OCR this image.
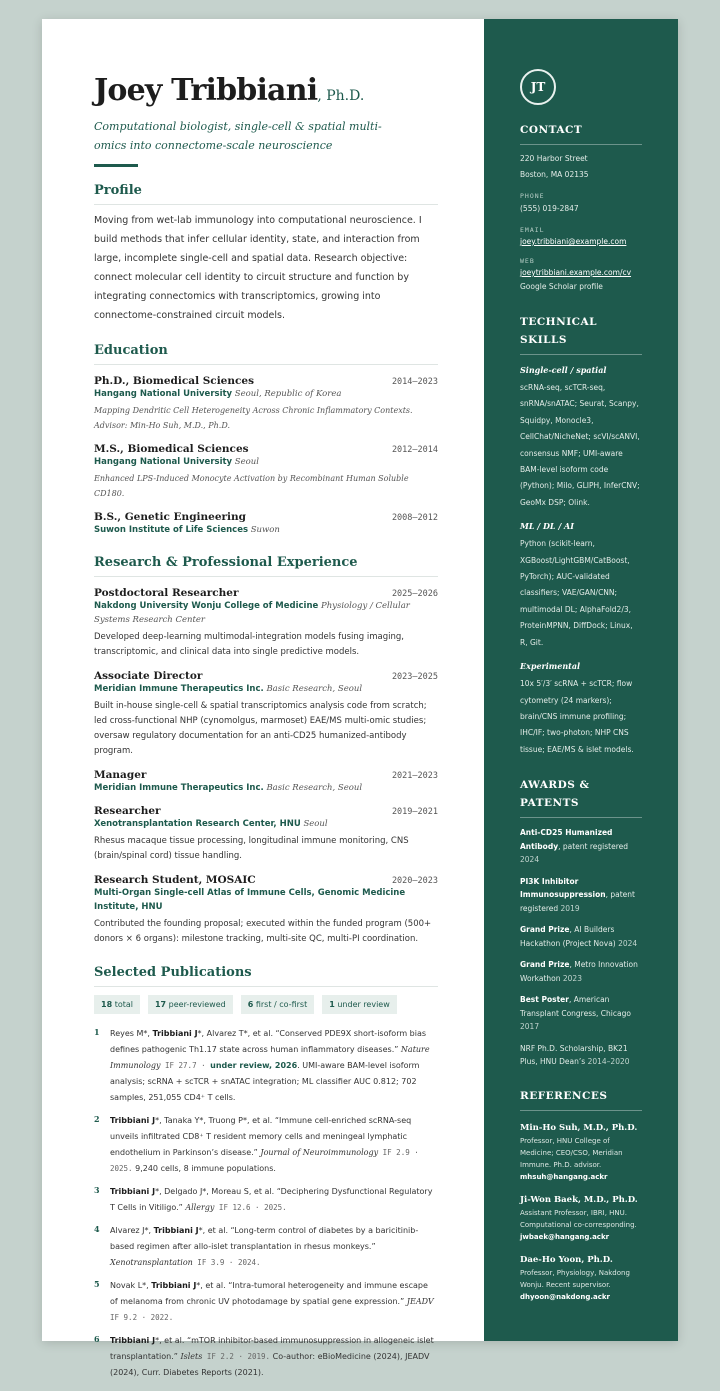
Joey Tribbiani, Ph.D.
Computational biologist, single-cell & spatial multi-omics into connectome-scale neuroscience
Profile
Moving from wet-lab immunology into computational neuroscience. I build methods that infer cellular identity, state, and interaction from large, incomplete single-cell and spatial data. Research objective: connect molecular cell identity to circuit structure and function by integrating connectomics with transcriptomics, growing into connectome-constrained circuit models.
Education
Ph.D., Biomedical Sciences	2014–2023
Hangang National University Seoul, Republic of Korea
Mapping Dendritic Cell Heterogeneity Across Chronic Inflammatory Contexts. Advisor: Min-Ho Suh, M.D., Ph.D.
M.S., Biomedical Sciences	2012–2014
Hangang National University Seoul
Enhanced LPS-Induced Monocyte Activation by Recombinant Human Soluble CD180.
B.S., Genetic Engineering	2008–2012
Suwon Institute of Life Sciences Suwon
Research & Professional Experience
Postdoctoral Researcher	2025–2026
Nakdong University Wonju College of Medicine Physiology / Cellular Systems Research Center
Developed deep-learning multimodal-integration models fusing imaging, transcriptomic, and clinical data into single predictive models.
Associate Director	2023–2025
Meridian Immune Therapeutics Inc. Basic Research, Seoul
Built in-house single-cell & spatial transcriptomics analysis code from scratch; led cross-functional NHP (cynomolgus, marmoset) EAE/MS multi-omic studies; oversaw regulatory documentation for an anti-CD25 humanized-antibody program.
Manager	2021–2023
Meridian Immune Therapeutics Inc. Basic Research, Seoul
Researcher	2019–2021
Xenotransplantation Research Center, HNU Seoul
Rhesus macaque tissue processing, longitudinal immune monitoring, CNS (brain/spinal cord) tissue handling.
Research Student, MOSAIC	2020–2023
Multi-Organ Single-cell Atlas of Immune Cells, Genomic Medicine Institute, HNU
Contributed the founding proposal; executed within the funded program (500+ donors × 6 organs): milestone tracking, multi-site QC, multi-PI coordination.
Selected Publications
18 total	17 peer-reviewed	6 first / co-first	1 under review
1	Reyes M*, Tribbiani J*, Alvarez T*, et al. “Conserved PDE9X short-isoform bias defines pathogenic Th1.17 state across human inflammatory diseases.” Nature Immunology IF 27.7 · under review, 2026. UMI-aware BAM-level isoform analysis; scRNA + scTCR + snATAC integration; ML classifier AUC 0.812; 702 samples, 251,055 CD4⁺ T cells.
2	Tribbiani J*, Tanaka Y*, Truong P*, et al. “Immune cell-enriched scRNA-seq unveils infiltrated CD8⁺ T resident memory cells and meningeal lymphatic endothelium in Parkinson’s disease.” Journal of Neuroimmunology IF 2.9 · 2025. 9,240 cells, 8 immune populations.
3	Tribbiani J*, Delgado J*, Moreau S, et al. “Deciphering Dysfunctional Regulatory T Cells in Vitiligo.” Allergy IF 12.6 · 2025.
4	Alvarez J*, Tribbiani J*, et al. “Long-term control of diabetes by a baricitinib-based regimen after allo-islet transplantation in rhesus monkeys.” Xenotransplantation IF 3.9 · 2024.
5	Novak L*, Tribbiani J*, et al. “Intra-tumoral heterogeneity and immune escape of melanoma from chronic UV photodamage by spatial gene expression.” JEADV IF 9.2 · 2022.
6	Tribbiani J*, et al. “mTOR inhibitor-based immunosuppression in allogeneic islet transplantation.” Islets IF 2.2 · 2019. Co-author: eBioMedicine (2024), JEADV (2024), Curr. Diabetes Reports (2021).
JT
CONTACT
220 Harbor Street
Boston, MA 02135
PHONE
(555) 019-2847
EMAIL
joey.tribbiani@example.com
WEB
joeytribbiani.example.com/cv
Google Scholar profile
TECHNICAL SKILLS
Single-cell / spatial
scRNA-seq, scTCR-seq, snRNA/snATAC; Seurat, Scanpy, Squidpy, Monocle3, CellChat/NicheNet; scVI/scANVI, consensus NMF; UMI-aware BAM-level isoform code (Python); Milo, GLIPH, InferCNV; GeoMx DSP; Olink.
ML / DL / AI
Python (scikit-learn, XGBoost/LightGBM/CatBoost, PyTorch); AUC-validated classifiers; VAE/GAN/CNN; multimodal DL; AlphaFold2/3, ProteinMPNN, DiffDock; Linux, R, Git.
Experimental
10x 5′/3′ scRNA + scTCR; flow cytometry (24 markers); brain/CNS immune profiling; IHC/IF; two-photon; NHP CNS tissue; EAE/MS & islet models.
AWARDS & PATENTS
Anti-CD25 Humanized Antibody, patent registered 2024
PI3K Inhibitor Immunosuppression, patent registered 2019
Grand Prize, AI Builders Hackathon (Project Nova) 2024
Grand Prize, Metro Innovation Workathon 2023
Best Poster, American Transplant Congress, Chicago 2017
NRF Ph.D. Scholarship, BK21 Plus, HNU Dean’s 2014–2020
REFERENCES
Min-Ho Suh, M.D., Ph.D.
Professor, HNU College of Medicine; CEO/CSO, Meridian Immune. Ph.D. advisor.
mhsuh@hangang.ackr
Ji-Won Baek, M.D., Ph.D.
Assistant Professor, IBRI, HNU. Computational co-corresponding.
jwbaek@hangang.ackr
Dae-Ho Yoon, Ph.D.
Professor, Physiology, Nakdong Wonju. Recent supervisor.
dhyoon@nakdong.ackr
